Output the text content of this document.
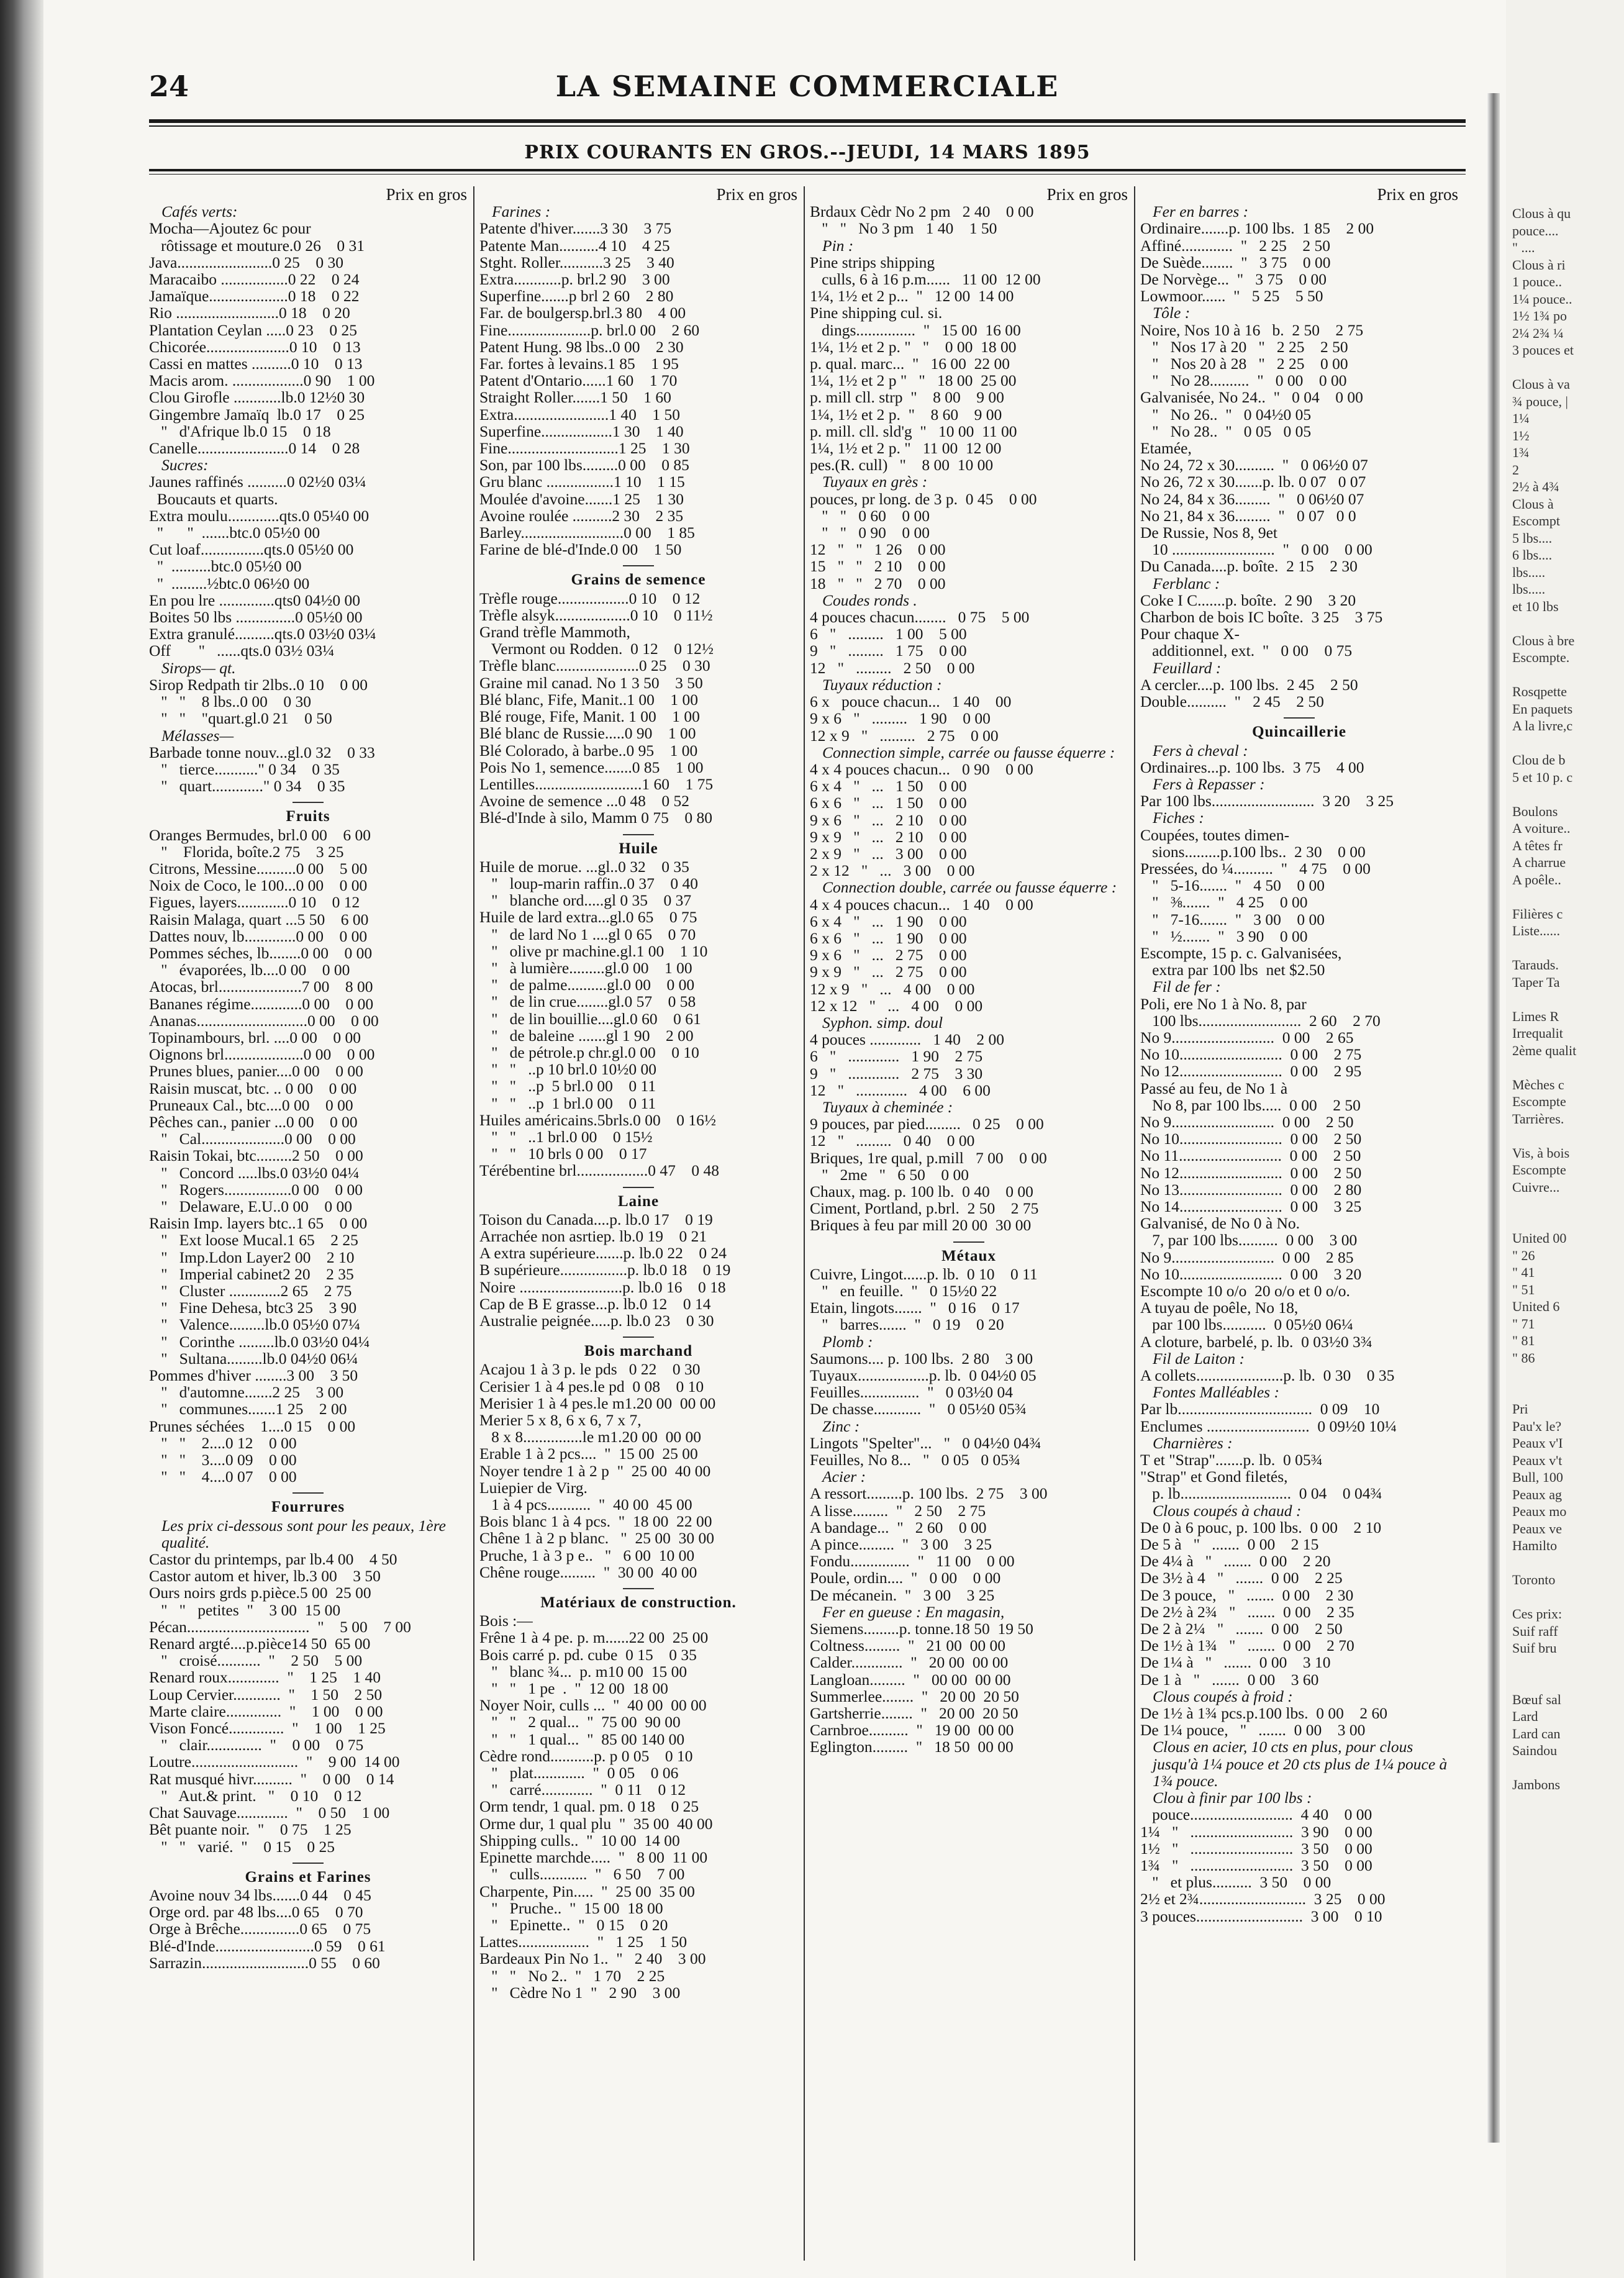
24	LA SEMAINE COMMERCIALE
PRIX COURANTS EN GROS.--JEUDI, 14 MARS 1895
Prix en gros
Cafés verts:
Mocha—Ajoutez 6c pour
rôtissage et mouture.0 26    0 31
Java........................0 25    0 30
Maracaibo .................0 22    0 24
Jamaïque....................0 18    0 22
Rio ..........................0 18    0 20
Plantation Ceylan .....0 23    0 25
Chicorée.....................0 10    0 13
Cassi en mattes ..........0 10    0 13
Macis arom. ..................0 90    1 00
Clou Girofle ............lb.0 12½0 30
Gingembre Jamaïq  lb.0 17    0 25
"   d'Afrique lb.0 15    0 18
Canelle.......................0 14    0 28
Sucres:
Jaunes raffinés ..........0 02½0 03¼
Boucauts et quarts.
Extra moulu.............qts.0 05¼0 00
"      "  .......btc.0 05½0 00
Cut loaf................qts.0 05½0 00
"  ..........btc.0 05½0 00
"  .........½btc.0 06½0 00
En pou lre ..............qts0 04½0 00
Boites 50 lbs ...............0 05½0 00
Extra granulé..........qts.0 03½0 03¼
Off       "   ......qts.0 03½ 03¼
Sirops— qt.
Sirop Redpath tir 2lbs..0 10    0 00
"   "    8 lbs..0 00    0 30
"   "    "quart.gl.0 21    0 50
Mélasses—
Barbade tonne nouv...gl.0 32    0 33
"   tierce..........." 0 34    0 35
"   quart............." 0 34    0 35
Fruits
Oranges Bermudes, brl.0 00    6 00
"    Florida, boîte.2 75    3 25
Citrons, Messine..........0 00    5 00
Noix de Coco, le 100...0 00    0 00
Figues, layers.............0 10    0 12
Raisin Malaga, quart ...5 50    6 00
Dattes nouv, lb.............0 00    0 00
Pommes séches, lb........0 00    0 00
"   évaporées, lb....0 00    0 00
Atocas, brl.....................7 00    8 00
Bananes régime.............0 00    0 00
Ananas............................0 00    0 00
Topinambours, brl. ....0 00    0 00
Oignons brl....................0 00    0 00
Prunes blues, panier....0 00    0 00
Raisin muscat, btc. .. 0 00    0 00
Pruneaux Cal., btc....0 00    0 00
Pêches can., panier ...0 00    0 00
"   Cal.....................0 00    0 00
Raisin Tokai, btc.........2 50    0 00
"   Concord .....lbs.0 03½0 04¼
"   Rogers.................0 00    0 00
"   Delaware, E.U..0 00    0 00
Raisin Imp. layers btc..1 65    0 00
"   Ext loose Mucal.1 65    2 25
"   Imp.Ldon Layer2 00    2 10
"   Imperial cabinet2 20    2 35
"   Cluster .............2 65    2 75
"   Fine Dehesa, btc3 25    3 90
"   Valence.........lb.0 05½0 07¼
"   Corinthe .........lb.0 03½0 04¼
"   Sultana.........lb.0 04½0 06¼
Pommes d'hiver ........3 00    3 50
"   d'automne.......2 25    3 00
"   communes.......1 25    2 00
Prunes séchées    1....0 15    0 00
"   "    2....0 12    0 00
"   "    3....0 09    0 00
"   "    4....0 07    0 00
Fourrures
Les prix ci-dessous sont pour les peaux, 1ère qualité.
Castor du printemps, par lb.4 00    4 50
Castor autom et hiver, lb.3 00    3 50
Ours noirs grds p.pièce.5 00  25 00
"   "   petites  "    3 00  15 00
Pécan...............................  "    5 00    7 00
Renard argté....p.pièce14 50  65 00
"   croisé...........  "    2 50    5 00
Renard roux.............  "    1 25    1 40
Loup Cervier............  "    1 50    2 50
Marte claire..............  "    1 00    0 00
Vison Foncé..............  "    1 00    1 25
"   clair..............  "    0 00    0 75
Loutre...........................  "    9 00  14 00
Rat musqué hivr..........  "    0 00    0 14
"   Aut.& print.   "    0 10    0 12
Chat Sauvage.............  "    0 50    1 00
Bêt puante noir.  "    0 75    1 25
"   "   varié.  "    0 15    0 25
Grains et Farines
Avoine nouv 34 lbs.......0 44    0 45
Orge ord. par 48 lbs....0 65    0 70
Orge à Brêche...............0 65    0 75
Blé-d'Inde.........................0 59    0 61
Sarrazin...........................0 55    0 60
Prix en gros
Farines :
Patente d'hiver.......3 30    3 75
Patente Man..........4 10    4 25
Stght. Roller...........3 25    3 40
Extra............p. brl.2 90    3 00
Superfine.......p brl 2 60    2 80
Far. de boulgersp.brl.3 80    4 00
Fine.....................p. brl.0 00    2 60
Patent Hung. 98 lbs..0 00    2 30
Far. fortes à levains.1 85    1 95
Patent d'Ontario......1 60    1 70
Straight Roller.......1 50    1 60
Extra........................1 40    1 50
Superfine..................1 30    1 40
Fine............................1 25    1 30
Son, par 100 lbs.........0 00    0 85
Gru blanc .................1 10    1 15
Moulée d'avoine.......1 25    1 30
Avoine roulée ..........2 30    2 35
Barley..........................0 00    1 85
Farine de blé-d'Inde.0 00    1 50
Grains de semence
Trèfle rouge..................0 10    0 12
Trèfle alsyk...................0 10    0 11½
Grand trèfle Mammoth,
Vermont ou Rodden.  0 12    0 12½
Trèfle blanc.....................0 25    0 30
Graine mil canad. No 1 3 50    3 50
Blé blanc, Fife, Manit..1 00    1 00
Blé rouge, Fife, Manit. 1 00    1 00
Blé blanc de Russie.....0 90    1 00
Blé Colorado, à barbe..0 95    1 00
Pois No 1, semence.......0 85    1 00
Lentilles...........................1 60    1 75
Avoine de semence ...0 48    0 52
Blé-d'Inde à silo, Mamm 0 75    0 80
Huile
Huile de morue. ...gl..0 32    0 35
"   loup-marin raffin..0 37    0 40
"   blanche ord.....gl 0 35    0 37
Huile de lard extra...gl.0 65    0 75
"   de lard No 1 ....gl 0 65    0 70
"   olive pr machine.gl.1 00    1 10
"   à lumière.........gl.0 00    1 00
"   de palme..........gl.0 00    0 00
"   de lin crue........gl.0 57    0 58
"   de lin bouillie....gl.0 60    0 61
"   de baleine .......gl 1 90    2 00
"   de pétrole.p chr.gl.0 00    0 10
"   "   ..p 10 brl.0 10½0 00
"   "   ..p  5 brl.0 00    0 11
"   "   ..p  1 brl.0 00    0 11
Huiles américains.5brls.0 00    0 16½
"   "   ..1 brl.0 00    0 15½
"   "   10 brls 0 00    0 17
Térébentine brl..................0 47    0 48
Laine
Toison du Canada....p. lb.0 17    0 19
Arrachée non asrtiep. lb.0 19    0 21
A extra supérieure.......p. lb.0 22    0 24
B supérieure.................p. lb.0 18    0 19
Noire ..........................p. lb.0 16    0 18
Cap de B E grasse...p. lb.0 12    0 14
Australie peignée.....p. lb.0 23    0 30
Bois marchand
Acajou 1 à 3 p. le pds   0 22    0 30
Cerisier 1 à 4 pes.le pd  0 08    0 10
Merisier 1 à 4 pes.le m1.20 00  00 00
Merier 5 x 8, 6 x 6, 7 x 7,
8 x 8...............le m1.20 00  00 00
Erable 1 à 2 pcs....  "  15 00  25 00
Noyer tendre 1 à 2 p  "  25 00  40 00
Luiepier de Virg.
1 à 4 pcs...........  "  40 00  45 00
Bois blanc 1 à 4 pcs.  "  18 00  22 00
Chêne 1 à 2 p blanc.   "  25 00  30 00
Pruche, 1 à 3 p e..   "   6 00  10 00
Chêne rouge.........  "  30 00  40 00
Matériaux de construction.
Bois :—
Frêne 1 à 4 pe. p. m......22 00  25 00
Bois carré p. pd. cube  0 15    0 35
"   blanc ¾...  p. m10 00  15 00
"   "   1 pe  .  "  12 00  18 00
Noyer Noir, culls ...  "  40 00  00 00
"   "   2 qual...  "  75 00  90 00
"   "   1 qual...  "  85 00 140 00
Cèdre rond...........p. p 0 05    0 10
"   plat.............  "  0 05    0 06
"   carré.............  "  0 11    0 12
Orm tendr, 1 qual. pm. 0 18    0 25
Orme dur, 1 qual plu  "  35 00  40 00
Shipping culls..  "  10 00  14 00
Epinette marchde.....  "   8 00  11 00
"   culls............  "   6 50    7 00
Charpente, Pin.....  "  25 00  35 00
"   Pruche..  "  15 00  18 00
"   Epinette..  "   0 15    0 20
Lattes..................  "   1 25    1 50
Bardeaux Pin No 1..  "   2 40    3 00
"   "   No 2..  "   1 70    2 25
"   Cèdre No 1  "   2 90    3 00
Prix en gros
Brdaux Cèdr No 2 pm   2 40    0 00
"   "   No 3 pm   1 40    1 50
Pin :
Pine strips shipping
culls, 6 à 16 p.m......   11 00  12 00
1¼, 1½ et 2 p...  "   12 00  14 00
Pine shipping cul. si.
dings...............  "   15 00  16 00
1¼, 1½ et 2 p. "   "    0 00  18 00
p. qual. marc...  "   16 00  22 00
1¼, 1½ et 2 p "   "   18 00  25 00
p. mill cll. strp  "    8 00    9 00
1¼, 1½ et 2 p.  "    8 60    9 00
p. mill. cll. sld'g  "   10 00  11 00
1¼, 1½ et 2 p. "   11 00  12 00
pes.(R. cull)   "    8 00  10 00
Tuyaux en grès :
pouces, pr long. de 3 p.  0 45    0 00
"   "   0 60    0 00
"   "   0 90    0 00
12   "   "   1 26    0 00
15   "   "   2 10    0 00
18   "   "   2 70    0 00
Coudes ronds .
4 pouces chacun........   0 75    5 00
6   "   .........   1 00    5 00
9   "   .........   1 75    0 00
12   "   .........   2 50    0 00
Tuyaux réduction :
6 x   pouce chacun...   1 40    00
9 x 6   "   .........   1 90    0 00
12 x 9   "   .........   2 75    0 00
Connection simple, carrée ou fausse équerre :
4 x 4 pouces chacun...   0 90    0 00
6 x 4   "   ...   1 50    0 00
6 x 6   "   ...   1 50    0 00
9 x 6   "   ...   2 10    0 00
9 x 9   "   ...   2 10    0 00
2 x 9   "   ...   3 00    0 00
2 x 12   "   ...   3 00    0 00
Connection double, carrée ou fausse équerre :
4 x 4 pouces chacun...   1 40    0 00
6 x 4   "   ...   1 90    0 00
6 x 6   "   ...   1 90    0 00
9 x 6   "   ...   2 75    0 00
9 x 9   "   ...   2 75    0 00
12 x 9   "   ...   4 00    0 00
12 x 12   "   ...   4 00    0 00
Syphon. simp. doul
4 pouces .............   1 40    2 00
6   "   .............   1 90    2 75
9   "   .............   2 75    3 30
12   "   .............   4 00    6 00
Tuyaux à cheminée :
9 pouces, par pied.........   0 25    0 00
12   "   .........   0 40    0 00
Briques, 1re qual, p.mill   7 00    0 00
"   2me   "   6 50    0 00
Chaux, mag. p. 100 lb.  0 40    0 00
Ciment, Portland, p.brl.  2 50    2 75
Briques à feu par mill 20 00  30 00
Métaux
Cuivre, Lingot......p. lb.  0 10    0 11
"   en feuille.  "   0 15½0 22
Etain, lingots.......  "   0 16    0 17
"   barres.......  "   0 19    0 20
Plomb :
Saumons.... p. 100 lbs.  2 80    3 00
Tuyaux..................p. lb.  0 04½0 05
Feuilles...............  "   0 03½0 04
De chasse............  "   0 05½0 05¾
Zinc :
Lingots "Spelter"...   "   0 04½0 04¾
Feuilles, No 8...   "   0 05   0 05¾
Acier :
A ressort.........p. 100 lbs.  2 75    3 00
A lisse.........  "   2 50    2 75
A bandage...  "   2 60    0 00
A pince.........  "   3 00    3 25
Fondu...............  "   11 00    0 00
Poule, ordin....  "   0 00    0 00
De mécanein.  "   3 00    3 25
Fer en gueuse : En magasin,
Siemens.........p. tonne.18 50  19 50
Coltness.........  "   21 00  00 00
Calder.............  "   20 00  00 00
Langloan.........  "   00 00  00 00
Summerlee........  "   20 00  20 50
Gartsherrie........  "   20 00  20 50
Carnbroe..........  "   19 00  00 00
Eglington.........  "   18 50  00 00
Prix en gros
Fer en barres :
Ordinaire.......p. 100 lbs.  1 85    2 00
Affiné.............  "   2 25    2 50
De Suède........  "   3 75    0 00
De Norvège...  "   3 75    0 00
Lowmoor......  "   5 25    5 50
Tôle :
Noire, Nos 10 à 16   b.  2 50    2 75
"   Nos 17 à 20   "   2 25    2 50
"   Nos 20 à 28   "   2 25    0 00
"   No 28..........  "   0 00    0 00
Galvanisée, No 24..  "   0 04    0 00
"   No 26..  "   0 04½0 05
"   No 28..  "   0 05   0 05
Etamée,
No 24, 72 x 30..........  "   0 06½0 07
No 26, 72 x 30.......p. lb. 0 07   0 07
No 24, 84 x 36.........  "   0 06½0 07
No 21, 84 x 36.........  "   0 07   0 0
De Russie, Nos 8, 9et
10 ..........................  "   0 00    0 00
Du Canada....p. boîte.  2 15    2 30
Ferblanc :
Coke I C.......p. boîte.  2 90    3 20
Charbon de bois IC boîte.  3 25    3 75
Pour chaque X-
additionnel, ext.  "   0 00    0 75
Feuillard :
A cercler....p. 100 lbs.  2 45    2 50
Double..........  "   2 45    2 50
Quincaillerie
Fers à cheval :
Ordinaires...p. 100 lbs.  3 75    4 00
Fers à Repasser :
Par 100 lbs..........................  3 20    3 25
Fiches :
Coupées, toutes dimen-
sions.........p.100 lbs..  2 30    0 00
Pressées, do ¼..........  "   4 75    0 00
"   5-16.......  "   4 50    0 00
"   ⅜.......  "   4 25    0 00
"   7-16.......  "   3 00    0 00
"   ½.......  "   3 90    0 00
Escompte, 15 p. c. Galvanisées,
extra par 100 lbs  net $2.50
Fil de fer :
Poli, ere No 1 à No. 8, par
100 lbs..........................  2 60    2 70
No 9..........................  0 00    2 65
No 10..........................  0 00    2 75
No 12..........................  0 00    2 95
Passé au feu, de No 1 à
No 8, par 100 lbs.....  0 00    2 50
No 9..........................  0 00    2 50
No 10..........................  0 00    2 50
No 11..........................  0 00    2 50
No 12..........................  0 00    2 50
No 13..........................  0 00    2 80
No 14..........................  0 00    3 25
Galvanisé, de No 0 à No.
7, par 100 lbs..........  0 00    3 00
No 9..........................  0 00    2 85
No 10..........................  0 00    3 20
Escompte 10 o/o  20 o/o et 0 o/o.
A tuyau de poêle, No 18,
par 100 lbs...........  0 05½0 06¼
A cloture, barbelé, p. lb.  0 03½0 3¾
Fil de Laiton :
A collets......................p. lb.  0 30    0 35
Fontes Malléables :
Par lb..................................  0 09    10
Enclumes ..........................  0 09½0 10¼
Charnières :
T et "Strap".......p. lb.  0 05¾
"Strap" et Gond filetés,
p. lb............................  0 04    0 04¾
Clous coupés à chaud :
De 0 à 6 pouc, p. 100 lbs.  0 00    2 10
De 5 à   "   .......  0 00    2 15
De 4¼ à   "   .......  0 00    2 20
De 3½ à 4   "   .......  0 00    2 25
De 3 pouce,   "   .......  0 00    2 30
De 2½ à 2¾   "   .......  0 00    2 35
De 2 à 2¼   "   .......  0 00    2 50
De 1½ à 1¾   "   .......  0 00    2 70
De 1¼ à   "   .......  0 00    3 10
De 1 à   "   .......  0 00    3 60
Clous coupés à froid :
De 1½ à 1¾ pcs.p.100 lbs.  0 00    2 60
De 1¼ pouce,   "   .......  0 00    3 00
Clous en acier, 10 cts en plus, pour clous jusqu'à 1¼ pouce et 20 cts plus de 1¼ pouce à 1¾ pouce.
Clou à finir par 100 lbs :
pouce..........................  4 40    0 00
1¼   "   ..........................  3 90    0 00
1½   "   ..........................  3 50    0 00
1¾   "   ..........................  3 50    0 00
"   et plus..........  3 50    0 00
2½ et 2¾...........................  3 25    0 00
3 pouces...........................  3 00    0 10
Clous à qu
pouce....
" ....
Clous à ri
1 pouce..
1¼ pouce..
1½ 1¾ po
2¼ 2¾ ¼
3 pouces et

Clous à va
¾ pouce, |
1¼
1½
1¾
2
2½ à 4¾
Clous à
Escompt
5 lbs....
6 lbs....
lbs.....
lbs.....
et 10 lbs

Clous à bre
Escompte.

Rosqpette
En paquets
A la livre,c

Clou de b
5 et 10 p. c

Boulons
A voiture..
A têtes fr
A charrue
A poêle..

Filières c
Liste......

Tarauds.
Taper Ta

Limes R
Irrequalit
2ème qualit

Mèches c
Escompte
Tarrières.

Vis, à bois
Escompte
Cuivre...

United 00
" 26
" 41
" 51
United 6
" 71
" 81
" 86

Pri
Pau'x le?
Peaux v'I
Peaux v't
Bull, 100
Peaux ag
Peaux mo
Peaux ve
Hamilto

Toronto

Ces prix:
Suif raff
Suif bru

Bœuf sal
Lard
Lard can
Saindou

Jambons
